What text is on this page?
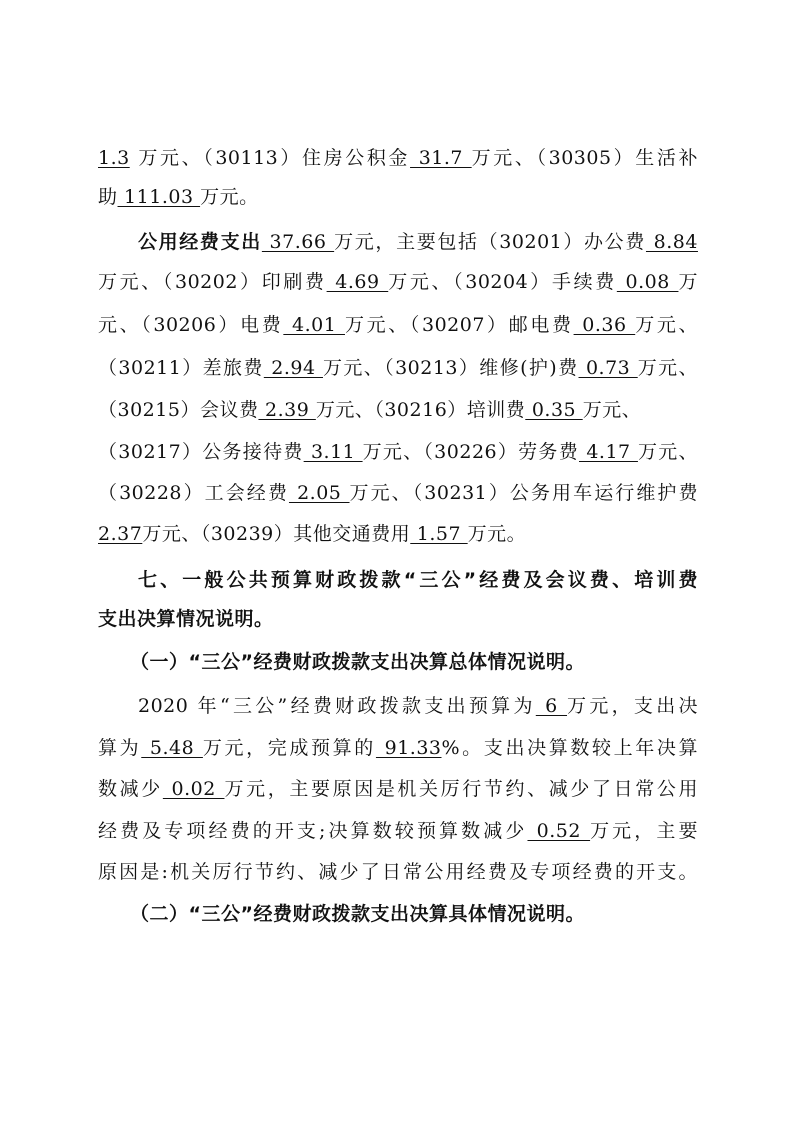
1.3 万元、（30113）住房公积金 31.7 万元、（30305）生活补
助 111.03 万元。
公用经费支出 37.66 万元，主要包括（30201）办公费 8.84
万元、（30202）印刷费 4.69 万元、（30204）手续费 0.08 万
元、（30206）电费 4.01 万元、（30207）邮电费 0.36 万元、
（30211）差旅费 2.94 万元、（30213）维修(护)费 0.73 万元、
（30215）会议费 2.39 万元、（30216）培训费 0.35 万元、
（30217）公务接待费 3.11 万元、（30226）劳务费 4.17 万元、
（30228）工会经费 2.05 万元、（30231）公务用车运行维护费
2.37万元、（30239）其他交通费用 1.57 万元。
七、一般公共预算财政拨款“三公”经费及会议费、培训费
支出决算情况说明。
（一）“三公”经费财政拨款支出决算总体情况说明。
2020 年“三公”经费财政拨款支出预算为 6 万元，支出决
算为 5.48 万元，完成预算的 91.33%。支出决算数较上年决算
数减少 0.02 万元，主要原因是机关厉行节约、减少了日常公用
经费及专项经费的开支;决算数较预算数减少 0.52 万元，主要
原因是:机关厉行节约、减少了日常公用经费及专项经费的开支。
（二）“三公”经费财政拨款支出决算具体情况说明。
